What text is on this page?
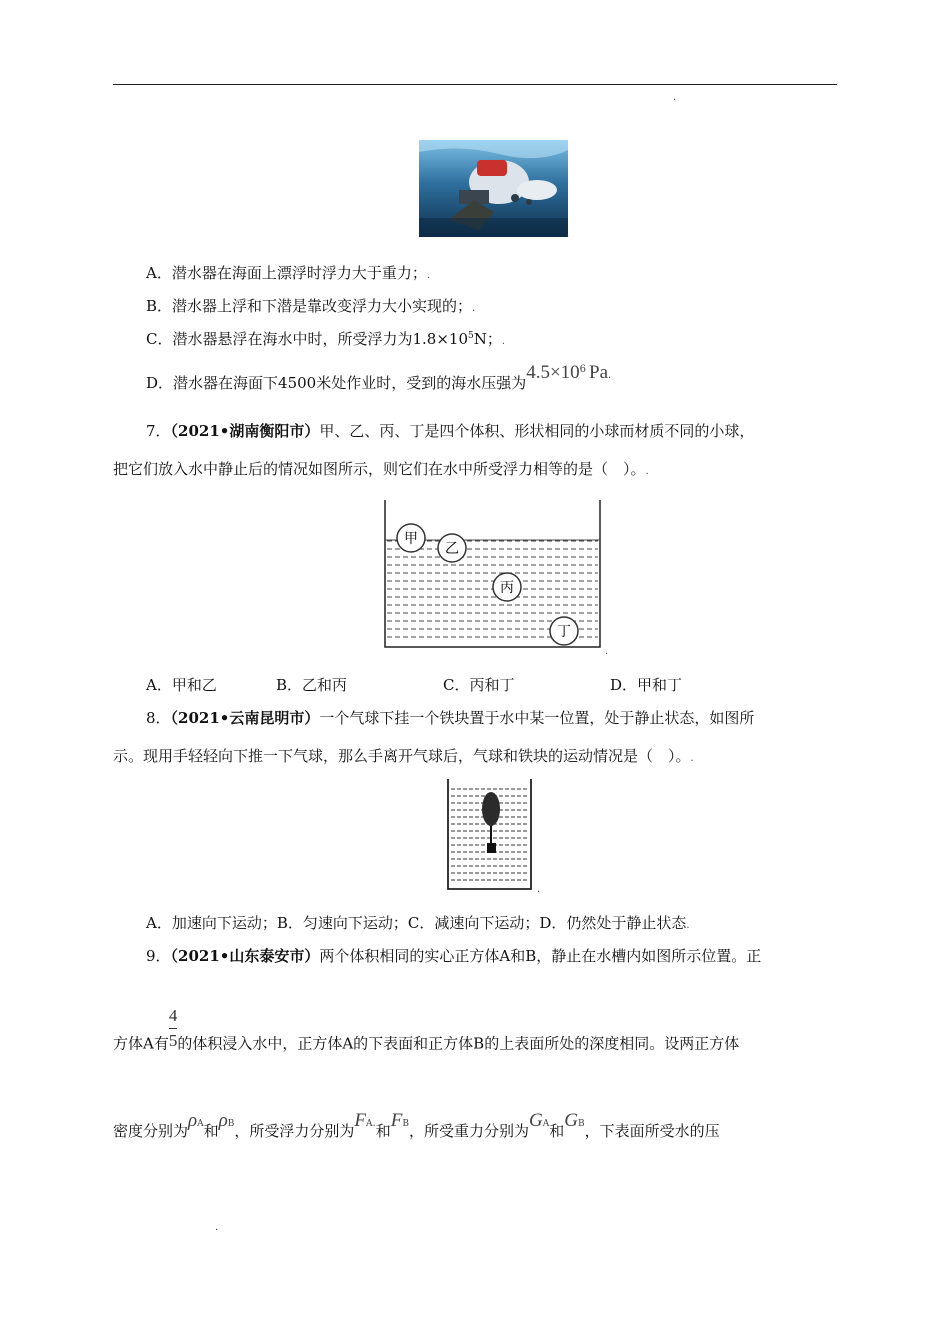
.
.
A．潜水器在海面上漂浮时浮力大于重力；.
B．潜水器上浮和下潜是靠改变浮力大小实现的；.
C．潜水器悬浮在海水中时，所受浮力为$1.8\times 10^5N$；.
D．潜水器在海面下4500米处作业时，受到的海水压强为$4.5\times 10^6$ Pa.
7．（2021•湖南衡阳市）甲、乙、丙、丁是四个体积、形状相同的小球而材质不同的小球，
把它们放入水中静止后的情况如图所示，则它们在水中所受浮力相等的是（　）。.
甲
乙
丙
丁
.
A．甲和乙	B．乙和丙	C．丙和丁	D．甲和丁
8．（2021•云南昆明市）一个气球下挂一个铁块置于水中某一位置，处于静止状态，如图所
示。现用手轻轻向下推一下气球，那么手离开气球后，气球和铁块的运动情况是（　）。.
.
A．加速向下运动；B．匀速向下运动；C．减速向下运动；D．仍然处于静止状态.
9．（2021•山东泰安市）两个体积相同的实心正方体A和B，静止在水槽内如图所示位置。正
方体A有$\frac{4}{5}$的体积浸入水中，正方体A的下表面和正方体B的上表面所处的深度相同。设两正方体
密度分别为ρA和ρB，所受浮力分别为FA.和FB，所受重力分别为GA和GB，下表面所受水的压
.
